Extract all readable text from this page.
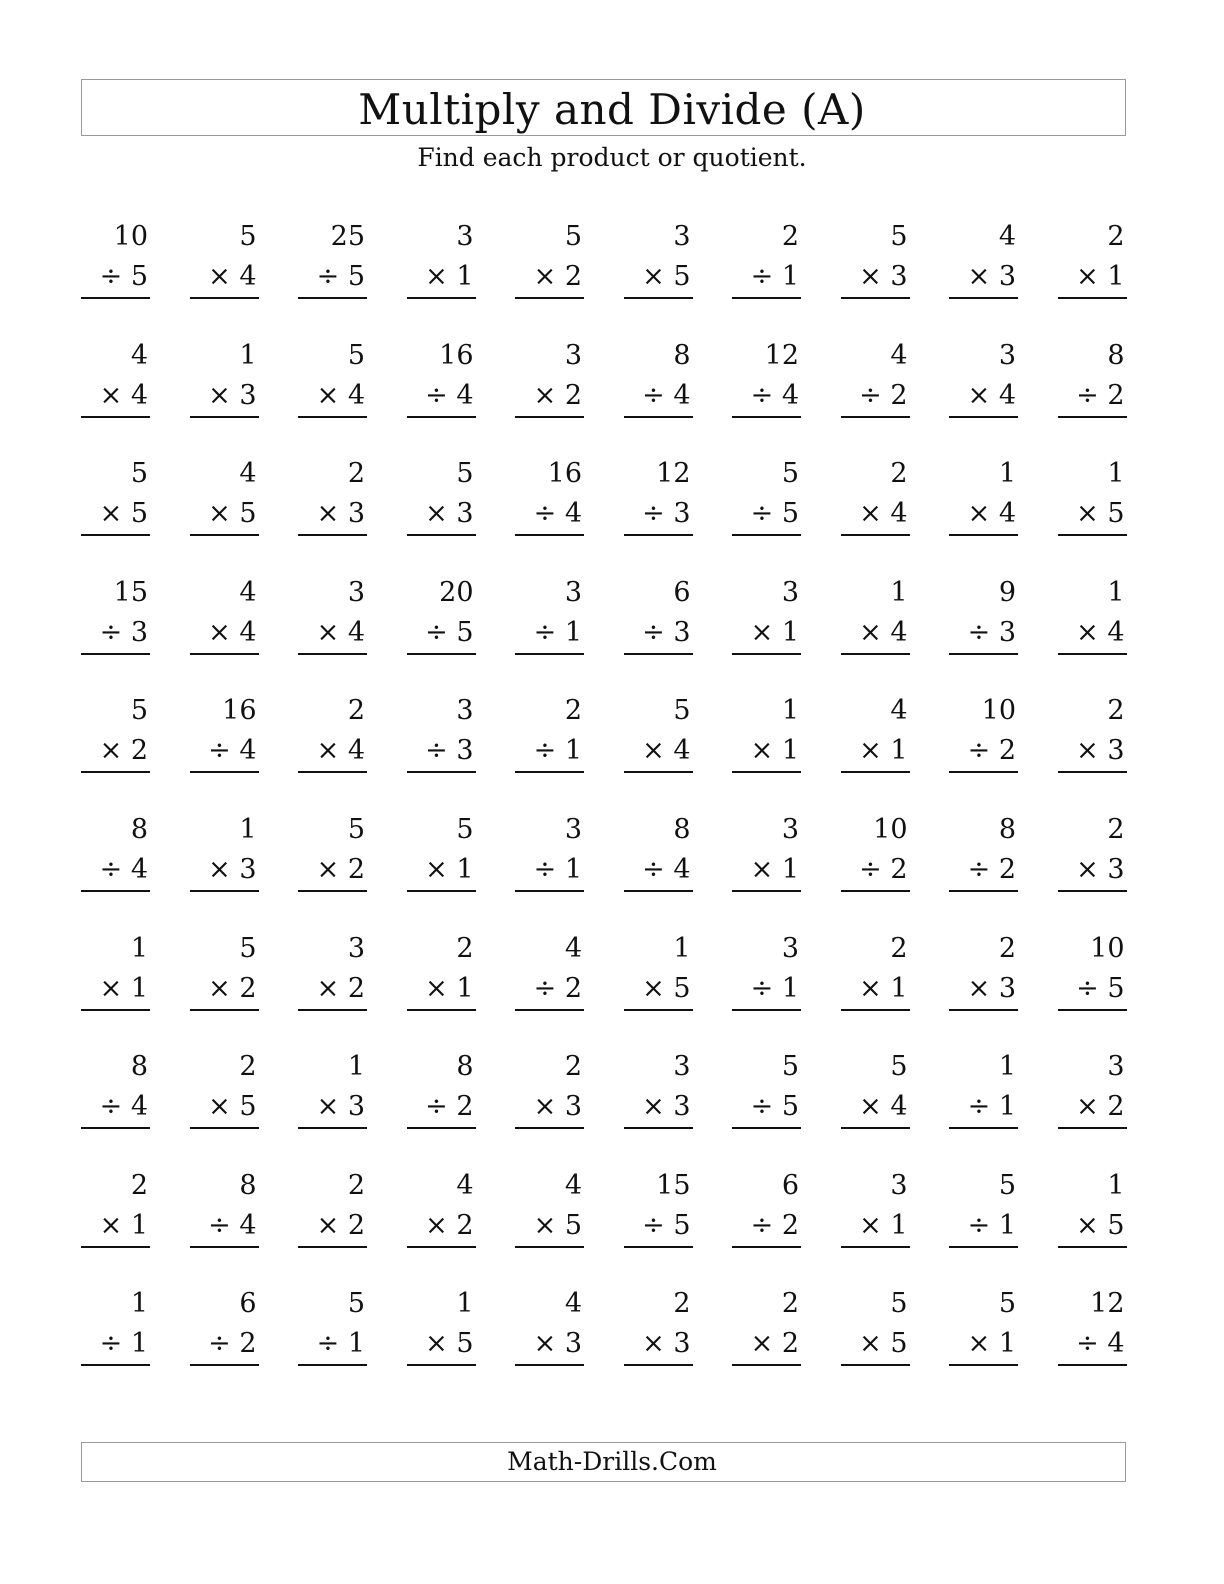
Multiply and Divide (A)
Find each product or quotient.
10
÷ 5
5
× 4
25
÷ 5
3
× 1
5
× 2
3
× 5
2
÷ 1
5
× 3
4
× 3
2
× 1
4
× 4
1
× 3
5
× 4
16
÷ 4
3
× 2
8
÷ 4
12
÷ 4
4
÷ 2
3
× 4
8
÷ 2
5
× 5
4
× 5
2
× 3
5
× 3
16
÷ 4
12
÷ 3
5
÷ 5
2
× 4
1
× 4
1
× 5
15
÷ 3
4
× 4
3
× 4
20
÷ 5
3
÷ 1
6
÷ 3
3
× 1
1
× 4
9
÷ 3
1
× 4
5
× 2
16
÷ 4
2
× 4
3
÷ 3
2
÷ 1
5
× 4
1
× 1
4
× 1
10
÷ 2
2
× 3
8
÷ 4
1
× 3
5
× 2
5
× 1
3
÷ 1
8
÷ 4
3
× 1
10
÷ 2
8
÷ 2
2
× 3
1
× 1
5
× 2
3
× 2
2
× 1
4
÷ 2
1
× 5
3
÷ 1
2
× 1
2
× 3
10
÷ 5
8
÷ 4
2
× 5
1
× 3
8
÷ 2
2
× 3
3
× 3
5
÷ 5
5
× 4
1
÷ 1
3
× 2
2
× 1
8
÷ 4
2
× 2
4
× 2
4
× 5
15
÷ 5
6
÷ 2
3
× 1
5
÷ 1
1
× 5
1
÷ 1
6
÷ 2
5
÷ 1
1
× 5
4
× 3
2
× 3
2
× 2
5
× 5
5
× 1
12
÷ 4
Math-Drills.Com
